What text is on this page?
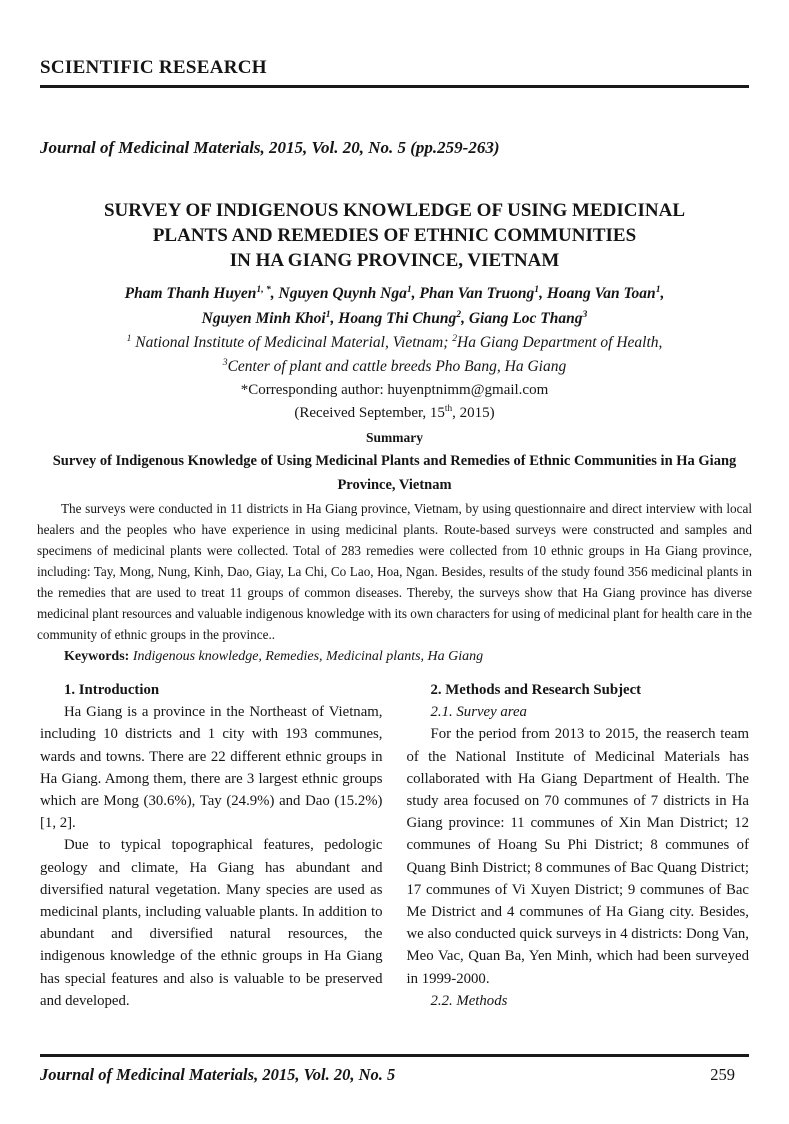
SCIENTIFIC RESEARCH
Journal of Medicinal Materials, 2015, Vol. 20, No. 5 (pp.259-263)
SURVEY OF INDIGENOUS KNOWLEDGE OF USING MEDICINAL
PLANTS AND REMEDIES OF ETHNIC COMMUNITIES
IN HA GIANG PROVINCE, VIETNAM
Pham Thanh Huyen$^{1, *}$, Nguyen Quynh Nga$^1$, Phan Van Truong$^1$, Hoang Van Toan$^1$,
Nguyen Minh Khoi$^1$, Hoang Thi Chung$^2$, Giang Loc Thang$^3$
$^1$ National Institute of Medicinal Material, Vietnam; $^2$Ha Giang Department of Health,
$^3$Center of plant and cattle breeds Pho Bang, Ha Giang
*Corresponding author: huyenptnimm@gmail.com
(Received September, 15th, 2015)
Summary
Survey of Indigenous Knowledge of Using Medicinal Plants and Remedies of Ethnic Communities in Ha Giang
Province, Vietnam

The surveys were conducted in 11 districts in Ha Giang province, Vietnam, by using questionnaire and direct interview with local healers and the peoples who have experience in using medicinal plants. Route-based surveys were constructed and samples and specimens of medicinal plants were collected. Total of 283 remedies were collected from 10 ethnic groups in Ha Giang province, including: Tay, Mong, Nung, Kinh, Dao, Giay, La Chi, Co Lao, Hoa, Ngan. Besides, results of the study found 356 medicinal plants in the remedies that are used to treat 11 groups of common diseases. Thereby, the surveys show that Ha Giang province has diverse medicinal plant resources and valuable indigenous knowledge with its own characters for using of medicinal plant for health care in the community of ethnic groups in the province..

Keywords: Indigenous knowledge, Remedies, Medicinal plants, Ha Giang
1. Introduction

Ha Giang is a province in the Northeast of Vietnam, including 10 districts and 1 city with 193 communes, wards and towns. There are 22 different ethnic groups in Ha Giang. Among them, there are 3 largest ethnic groups which are Mong (30.6%), Tay (24.9%) and Dao (15.2%) [1, 2].

Due to typical topographical features, pedologic geology and climate, Ha Giang has abundant and diversified natural vegetation. Many species are used as medicinal plants, including valuable plants. In addition to abundant and diversified natural resources, the indigenous knowledge of the ethnic groups in Ha Giang has special features and also is valuable to be preserved and developed.

2. Methods and Research Subject
2.1. Survey area

For the period from 2013 to 2015, the reaserch team of the National Institute of Medicinal Materials has collaborated with Ha Giang Department of Health. The study area focused on 70 communes of 7 districts in Ha Giang province: 11 communes of Xin Man District; 12 communes of Hoang Su Phi District; 8 communes of Quang Binh District; 8 communes of Bac Quang District; 17 communes of Vi Xuyen District; 9 communes of Bac Me District and 4 communes of Ha Giang city. Besides, we also conducted quick surveys in 4 districts: Dong Van, Meo Vac, Quan Ba, Yen Minh, which had been surveyed in 1999-2000.

2.2. Methods
Journal of Medicinal Materials, 2015, Vol. 20, No. 5	259
